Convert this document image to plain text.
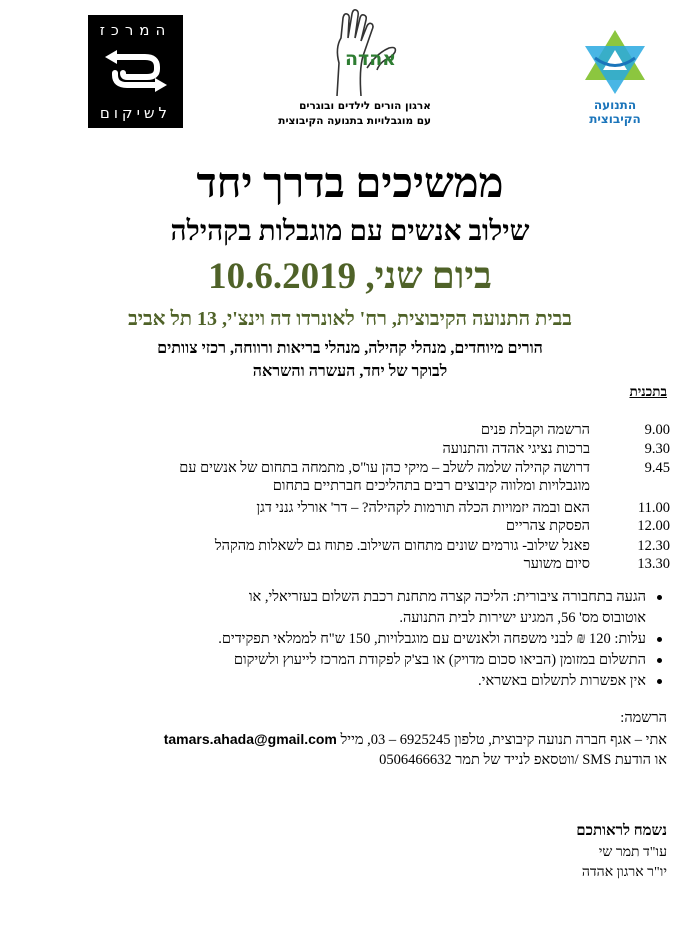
המרכז
לשיקום
אהדה
ארגון הורים לילדים ובוגרים
עם מוגבלויות בתנועה הקיבוצית
התנועה
הקיבוצית
ממשיכים בדרך יחד
שילוב אנשים עם מוגבלות בקהילה
ביום שני, 10.6.2019
בבית התנועה הקיבוצית, רח' לאונרדו דה וינצ'י, 13 תל אביב
הורים מיוחדים, מנהלי קהילה, מנהלי בריאות ורווחה, רכזי צוותים
לבוקר של יחד, העשרה והשראה
בתכנית
9.00
הרשמה וקבלת פנים
9.30
ברכות נציגי אהדה והתנועה
9.45
דרושה קהילה שלמה לשלב – מיקי כהן עו"ס, מתמחה בתחום של אנשים עם
מוגבלויות ומלווה קיבוצים רבים בתהליכים חברתיים בתחום
11.00
האם ובמה יזמויות הכלה תורמות לקהילה? – דר' אורלי גנני דגן
12.00
הפסקת צהריים
12.30
פאנל שילוב- גורמים שונים מתחום השילוב. פתוח גם לשאלות מהקהל
13.30
סיום משוער
הגעה בתחבורה ציבורית: הליכה קצרה מתחנת רכבת השלום בעזריאלי, או
אוטובוס מס' 56, המגיע ישירות לבית התנועה.
עלות: 120 ₪ לבני משפחה ולאנשים עם מוגבלויות, 150 ש"ח לממלאי תפקידים.
התשלום במזומן (הביאו סכום מדויק) או בצ'ק לפקודת המרכז לייעוץ ולשיקום
אין אפשרות לתשלום באשראי.
הרשמה:
אתי – אגף חברה תנועה קיבוצית, טלפון 6925245 – 03, מייל tamars.ahada@gmail.com
או הודעת SMS /ווטסאפ לנייד של תמר 0506466632
נשמח לראותכם
עו"ד תמר שי
יו"ר ארגון אהדה
